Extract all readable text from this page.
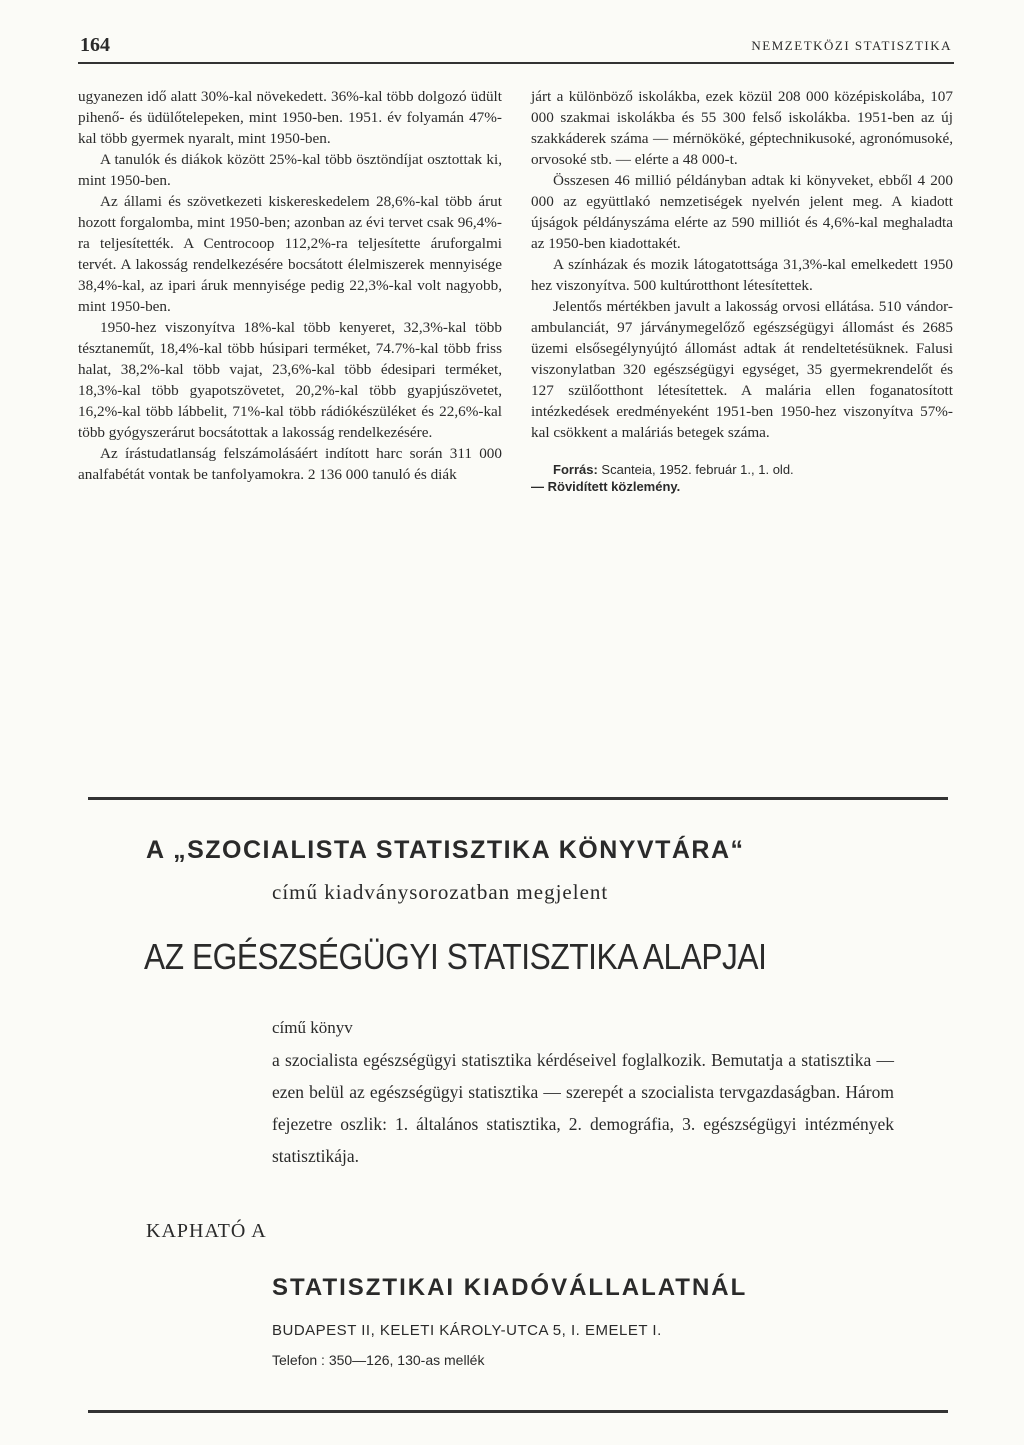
164	NEMZETKÖZI STATISZTIKA

ugyanezen idő alatt 30%-kal növekedett. 36%-kal több dolgozó üdült pihenő- és üdülőtelepeken, mint 1950-ben. 1951. év folyamán 47%-kal több gyermek nyaralt, mint 1950-ben.

A tanulók és diákok között 25%-kal több ösztöndíjat osztottak ki, mint 1950-ben.

Az állami és szövetkezeti kiskereskedelem 28,6%-kal több árut hozott forgalomba, mint 1950-ben; azonban az évi tervet csak 96,4%-ra teljesítették. A Centrocoop 112,2%-ra teljesítette áruforgalmi tervét. A lakosság rendelkezésére bocsátott élelmiszerek mennyisége 38,4%-kal, az ipari áruk mennyisége pedig 22,3%-kal volt nagyobb, mint 1950-ben.

1950-hez viszonyítva 18%-kal több kenyeret, 32,3%-kal több tésztaneműt, 18,4%-kal több húsipari terméket, 74.7%-kal több friss halat, 38,2%-kal több vajat, 23,6%-kal több édesipari terméket, 18,3%-kal több gyapotszövetet, 20,2%-kal több gyapjúszövetet, 16,2%-kal több lábbelit, 71%-kal több rádiókészüléket és 22,6%-kal több gyógyszerárut bocsátottak a lakosság rendelkezésére.

Az írástudatlanság felszámolásáért indított harc során 311 000 analfabétát vontak be tanfolyamokra. 2 136 000 tanuló és diák

járt a különböző iskolákba, ezek közül 208 000 középiskolába, 107 000 szakmai iskolákba és 55 300 felső iskolákba. 1951-ben az új szakkáderek száma — mérnököké, géptechnikusoké, agronómusoké, orvosoké stb. — elérte a 48 000-t.

Összesen 46 millió példányban adtak ki könyveket, ebből 4 200 000 az együttlakó nemzetiségek nyelvén jelent meg. A kiadott újságok példányszáma elérte az 590 milliót és 4,6%-kal meghaladta az 1950-ben kiadottakét.

A színházak és mozik látogatottsága 31,3%-kal emelkedett 1950 hez viszonyítva. 500 kultúrotthont létesítettek.

Jelentős mértékben javult a lakosság orvosi ellátása. 510 vándor-ambulanciát, 97 járványmegelőző egészségügyi állomást és 2685 üzemi elsősegélynyújtó állomást adtak át rendeltetésüknek. Falusi viszonylatban 320 egészségügyi egységet, 35 gyermekrendelőt és 127 szülőotthont létesítettek. A malária ellen foganatosított intézkedések eredményeként 1951-ben 1950-hez viszonyítva 57%-kal csökkent a maláriás betegek száma.

Forrás: Scanteia, 1952. február 1., 1. old.
— Rövidített közlemény.

A „SZOCIALISTA STATISZTIKA KÖNYVTÁRA“
című kiadványsorozatban megjelent
AZ EGÉSZSÉGÜGYI STATISZTIKA ALAPJAI
című könyv
a szocialista egészségügyi statisztika kérdéseivel foglalkozik. Bemutatja a statisztika — ezen belül az egészségügyi statisztika — szerepét a szocialista tervgazdaságban. Három fejezetre oszlik: 1. általános statisztika, 2. demográfia, 3. egészségügyi intézmények statisztikája.
KAPHATÓ A
STATISZTIKAI KIADÓVÁLLALATNÁL
BUDAPEST II, KELETI KÁROLY-UTCA 5, I. EMELET I.
Telefon : 350—126, 130-as mellék
